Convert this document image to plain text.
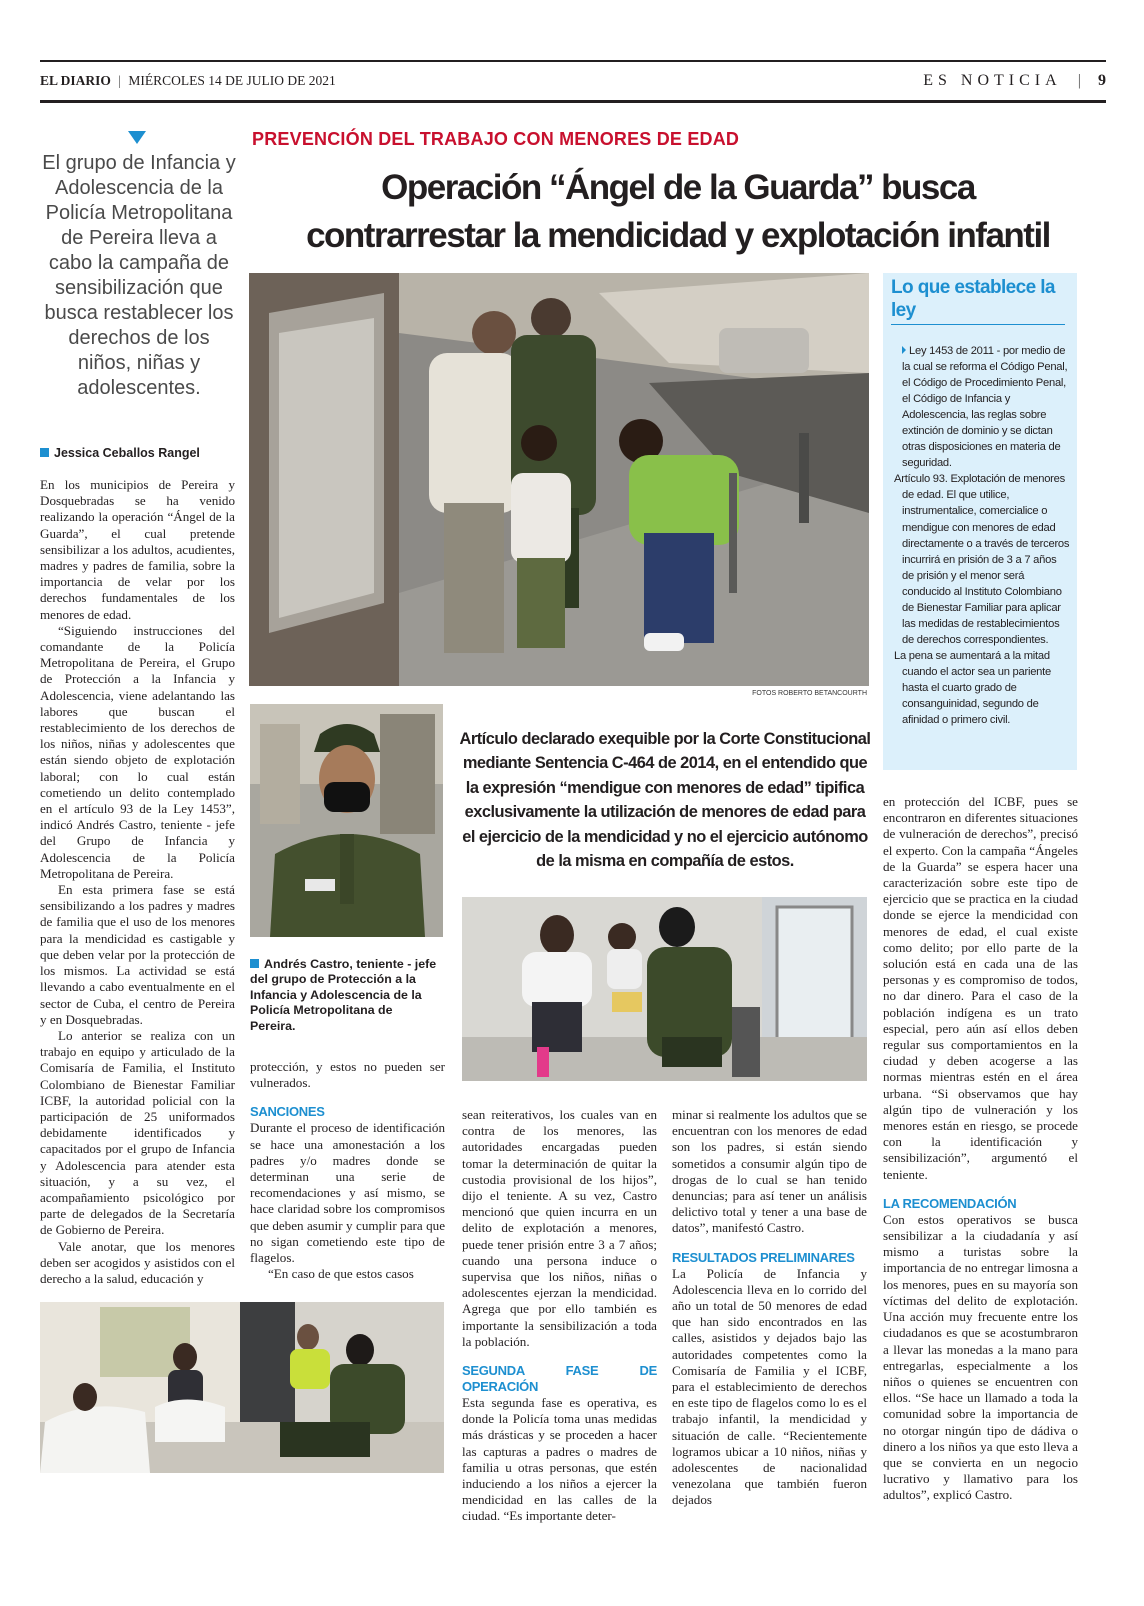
EL DIARIO | MIÉRCOLES 14 DE JULIO DE 2021	ES NOTICIA | 9
El grupo de Infancia y Adolescencia de la Policía Metropolitana de Pereira lleva a cabo la campaña de sensibilización que busca restablecer los derechos de los niños, niñas y adolescentes.
Jessica Ceballos Rangel

En los municipios de Pereira y Dosquebradas se ha venido realizando la operación “Ángel de la Guarda”, el cual pretende sensibilizar a los adultos, acudientes, madres y padres de familia, sobre la importancia de velar por los derechos fundamentales de los menores de edad.

“Siguiendo instrucciones del comandante de la Policía Metropolitana de Pereira, el Grupo de Protección a la Infancia y Adolescencia, viene adelantando las labores que buscan el restablecimiento de los derechos de los niños, niñas y adolescentes que están siendo objeto de explotación laboral; con lo cual están cometiendo un delito contemplado en el artículo 93 de la Ley 1453”, indicó Andrés Castro, teniente - jefe del Grupo de Infancia y Adolescencia de la Policía Metropolitana de Pereira.

En esta primera fase se está sensibilizando a los padres y madres de familia que el uso de los menores para la mendicidad es castigable y que deben velar por la protección de los mismos. La actividad se está llevando a cabo eventualmente en el sector de Cuba, el centro de Pereira y en Dosquebradas.

Lo anterior se realiza con un trabajo en equipo y articulado de la Comisaría de Familia, el Instituto Colombiano de Bienestar Familiar ICBF, la autoridad policial con la participación de 25 uniformados debidamente identificados y capacitados por el grupo de Infancia y Adolescencia para atender esta situación, y a su vez, el acompañamiento psicológico por parte de delegados de la Secretaría de Gobierno de Pereira.

Vale anotar, que los menores deben ser acogidos y asistidos con el derecho a la salud, educación y

PREVENCIÓN DEL TRABAJO CON MENORES DE EDAD
Operación “Ángel de la Guarda” busca
contrarrestar la mendicidad y explotación infantil
FOTOS ROBERTO BETANCOURTH
Lo que establece la ley
Ley 1453 de 2011 - por medio de la cual se reforma el Código Penal, el Código de Procedimiento Penal, el Código de Infancia y Adolescencia, las reglas sobre extinción de dominio y se dictan otras disposiciones en materia de seguridad.
Artículo 93. Explotación de menores de edad. El que utilice, instrumentalice, comercialice o mendigue con menores de edad directamente o a través de terceros incurrirá en prisión de 3 a 7 años de prisión y el menor será conducido al Instituto Colombiano de Bienestar Familiar para aplicar las medidas de restablecimientos de derechos correspondientes.
La pena se aumentará a la mitad cuando el actor sea un pariente hasta el cuarto grado de consanguinidad, segundo de afinidad o primero civil.
Andrés Castro, teniente - jefe del grupo de Protección a la Infancia y Adolescencia de la Policía Metropolitana de Pereira.
Artículo declarado exequible por la Corte Constitucional mediante Sentencia C-464 de 2014, en el entendido que la expresión “mendigue con menores de edad” tipifica exclusivamente la utilización de menores de edad para el ejercicio de la mendicidad y no el ejercicio autónomo de la misma en compañía de estos.

protección, y estos no pueden ser vulnerados.

SANCIONES

Durante el proceso de identificación se hace una amonestación a los padres y/o madres donde se determinan una serie de recomendaciones y así mismo, se hace claridad sobre los compromisos que deben asumir y cumplir para que no sigan cometiendo este tipo de flagelos.

“En caso de que estos casos

sean reiterativos, los cuales van en contra de los menores, las autoridades encargadas pueden tomar la determinación de quitar la custodia provisional de los hijos”, dijo el teniente. A su vez, Castro mencionó que quien incurra en un delito de explotación a menores, puede tener prisión entre 3 a 7 años; cuando una persona induce o supervisa que los niños, niñas o adolescentes ejerzan la mendicidad. Agrega que por ello también es importante la sensibilización a toda la población.

SEGUNDA FASE DE OPERACIÓN

Esta segunda fase es operativa, es donde la Policía toma unas medidas más drásticas y se proceden a hacer las capturas a padres o madres de familia u otras personas, que estén induciendo a los niños a ejercer la mendicidad en las calles de la ciudad. “Es importante deter-

minar si realmente los adultos que se encuentran con los menores de edad son los padres, si están siendo sometidos a consumir algún tipo de drogas de lo cual se han tenido denuncias; para así tener un análisis delictivo total y tener a una base de datos”, manifestó Castro.

RESULTADOS PRELIMINARES

La Policía de Infancia y Adolescencia lleva en lo corrido del año un total de 50 menores de edad que han sido encontrados en las calles, asistidos y dejados bajo las autoridades competentes como la Comisaría de Familia y el ICBF, para el establecimiento de derechos en este tipo de flagelos como lo es el trabajo infantil, la mendicidad y situación de calle. “Recientemente logramos ubicar a 10 niños, niñas y adolescentes de nacionalidad venezolana que también fueron dejados

en protección del ICBF, pues se encontraron en diferentes situaciones de vulneración de derechos”, precisó el experto. Con la campaña “Ángeles de la Guarda” se espera hacer una caracterización sobre este tipo de ejercicio que se practica en la ciudad donde se ejerce la mendicidad con menores de edad, el cual existe como delito; por ello parte de la solución está en cada una de las personas y es compromiso de todos, no dar dinero. Para el caso de la población indígena es un trato especial, pero aún así ellos deben regular sus comportamientos en la ciudad y deben acogerse a las normas mientras estén en el área urbana. “Si observamos que hay algún tipo de vulneración y los menores están en riesgo, se procede con la identificación y sensibilización”, argumentó el teniente.

LA RECOMENDACIÓN

Con estos operativos se busca sensibilizar a la ciudadanía y así mismo a turistas sobre la importancia de no entregar limosna a los menores, pues en su mayoría son víctimas del delito de explotación. Una acción muy frecuente entre los ciudadanos es que se acostumbraron a llevar las monedas a la mano para entregarlas, especialmente a los niños o quienes se encuentren con ellos. “Se hace un llamado a toda la comunidad sobre la importancia de no otorgar ningún tipo de dádiva o dinero a los niños ya que esto lleva a que se convierta en un negocio lucrativo y llamativo para los adultos”, explicó Castro.
